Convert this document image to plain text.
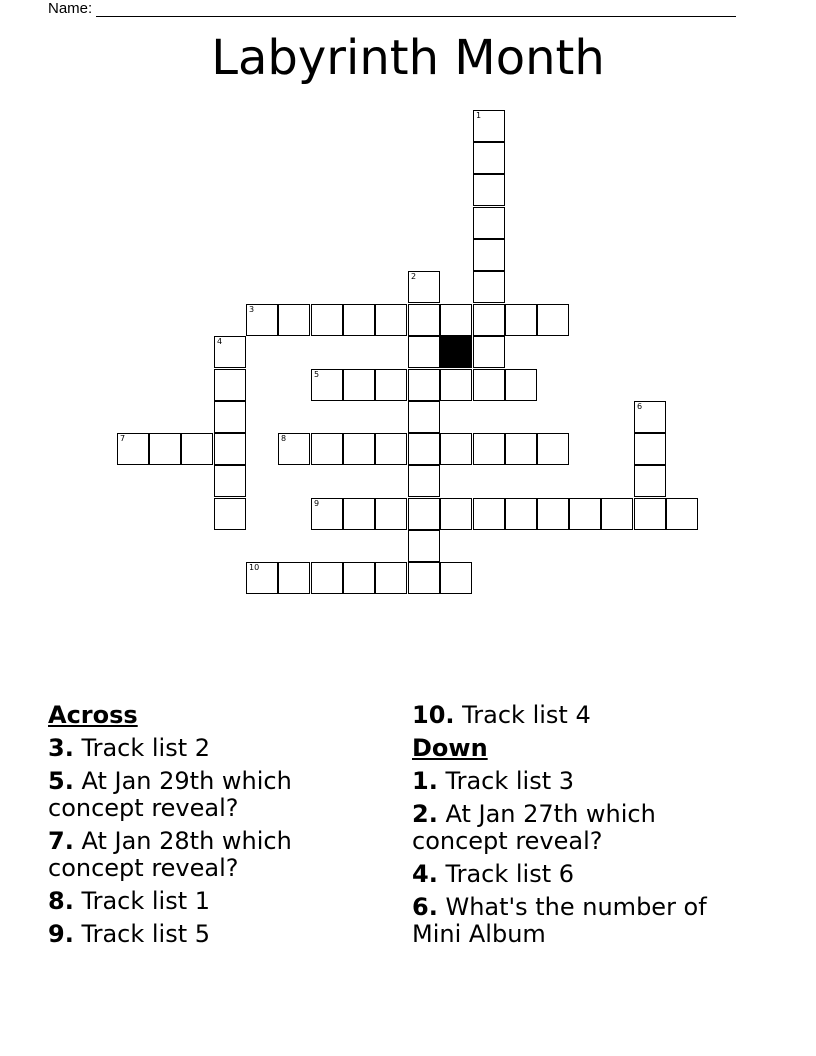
Name:
Labyrinth Month
1
2
3
4
5
6
7	8
9
10
Across
3. Track list 2
5. At Jan 29th which concept reveal?
7. At Jan 28th which concept reveal?
8. Track list 1
9. Track list 5
10. Track list 4
Down
1. Track list 3
2. At Jan 27th which concept reveal?
4. Track list 6
6. What's the number of Mini Album
